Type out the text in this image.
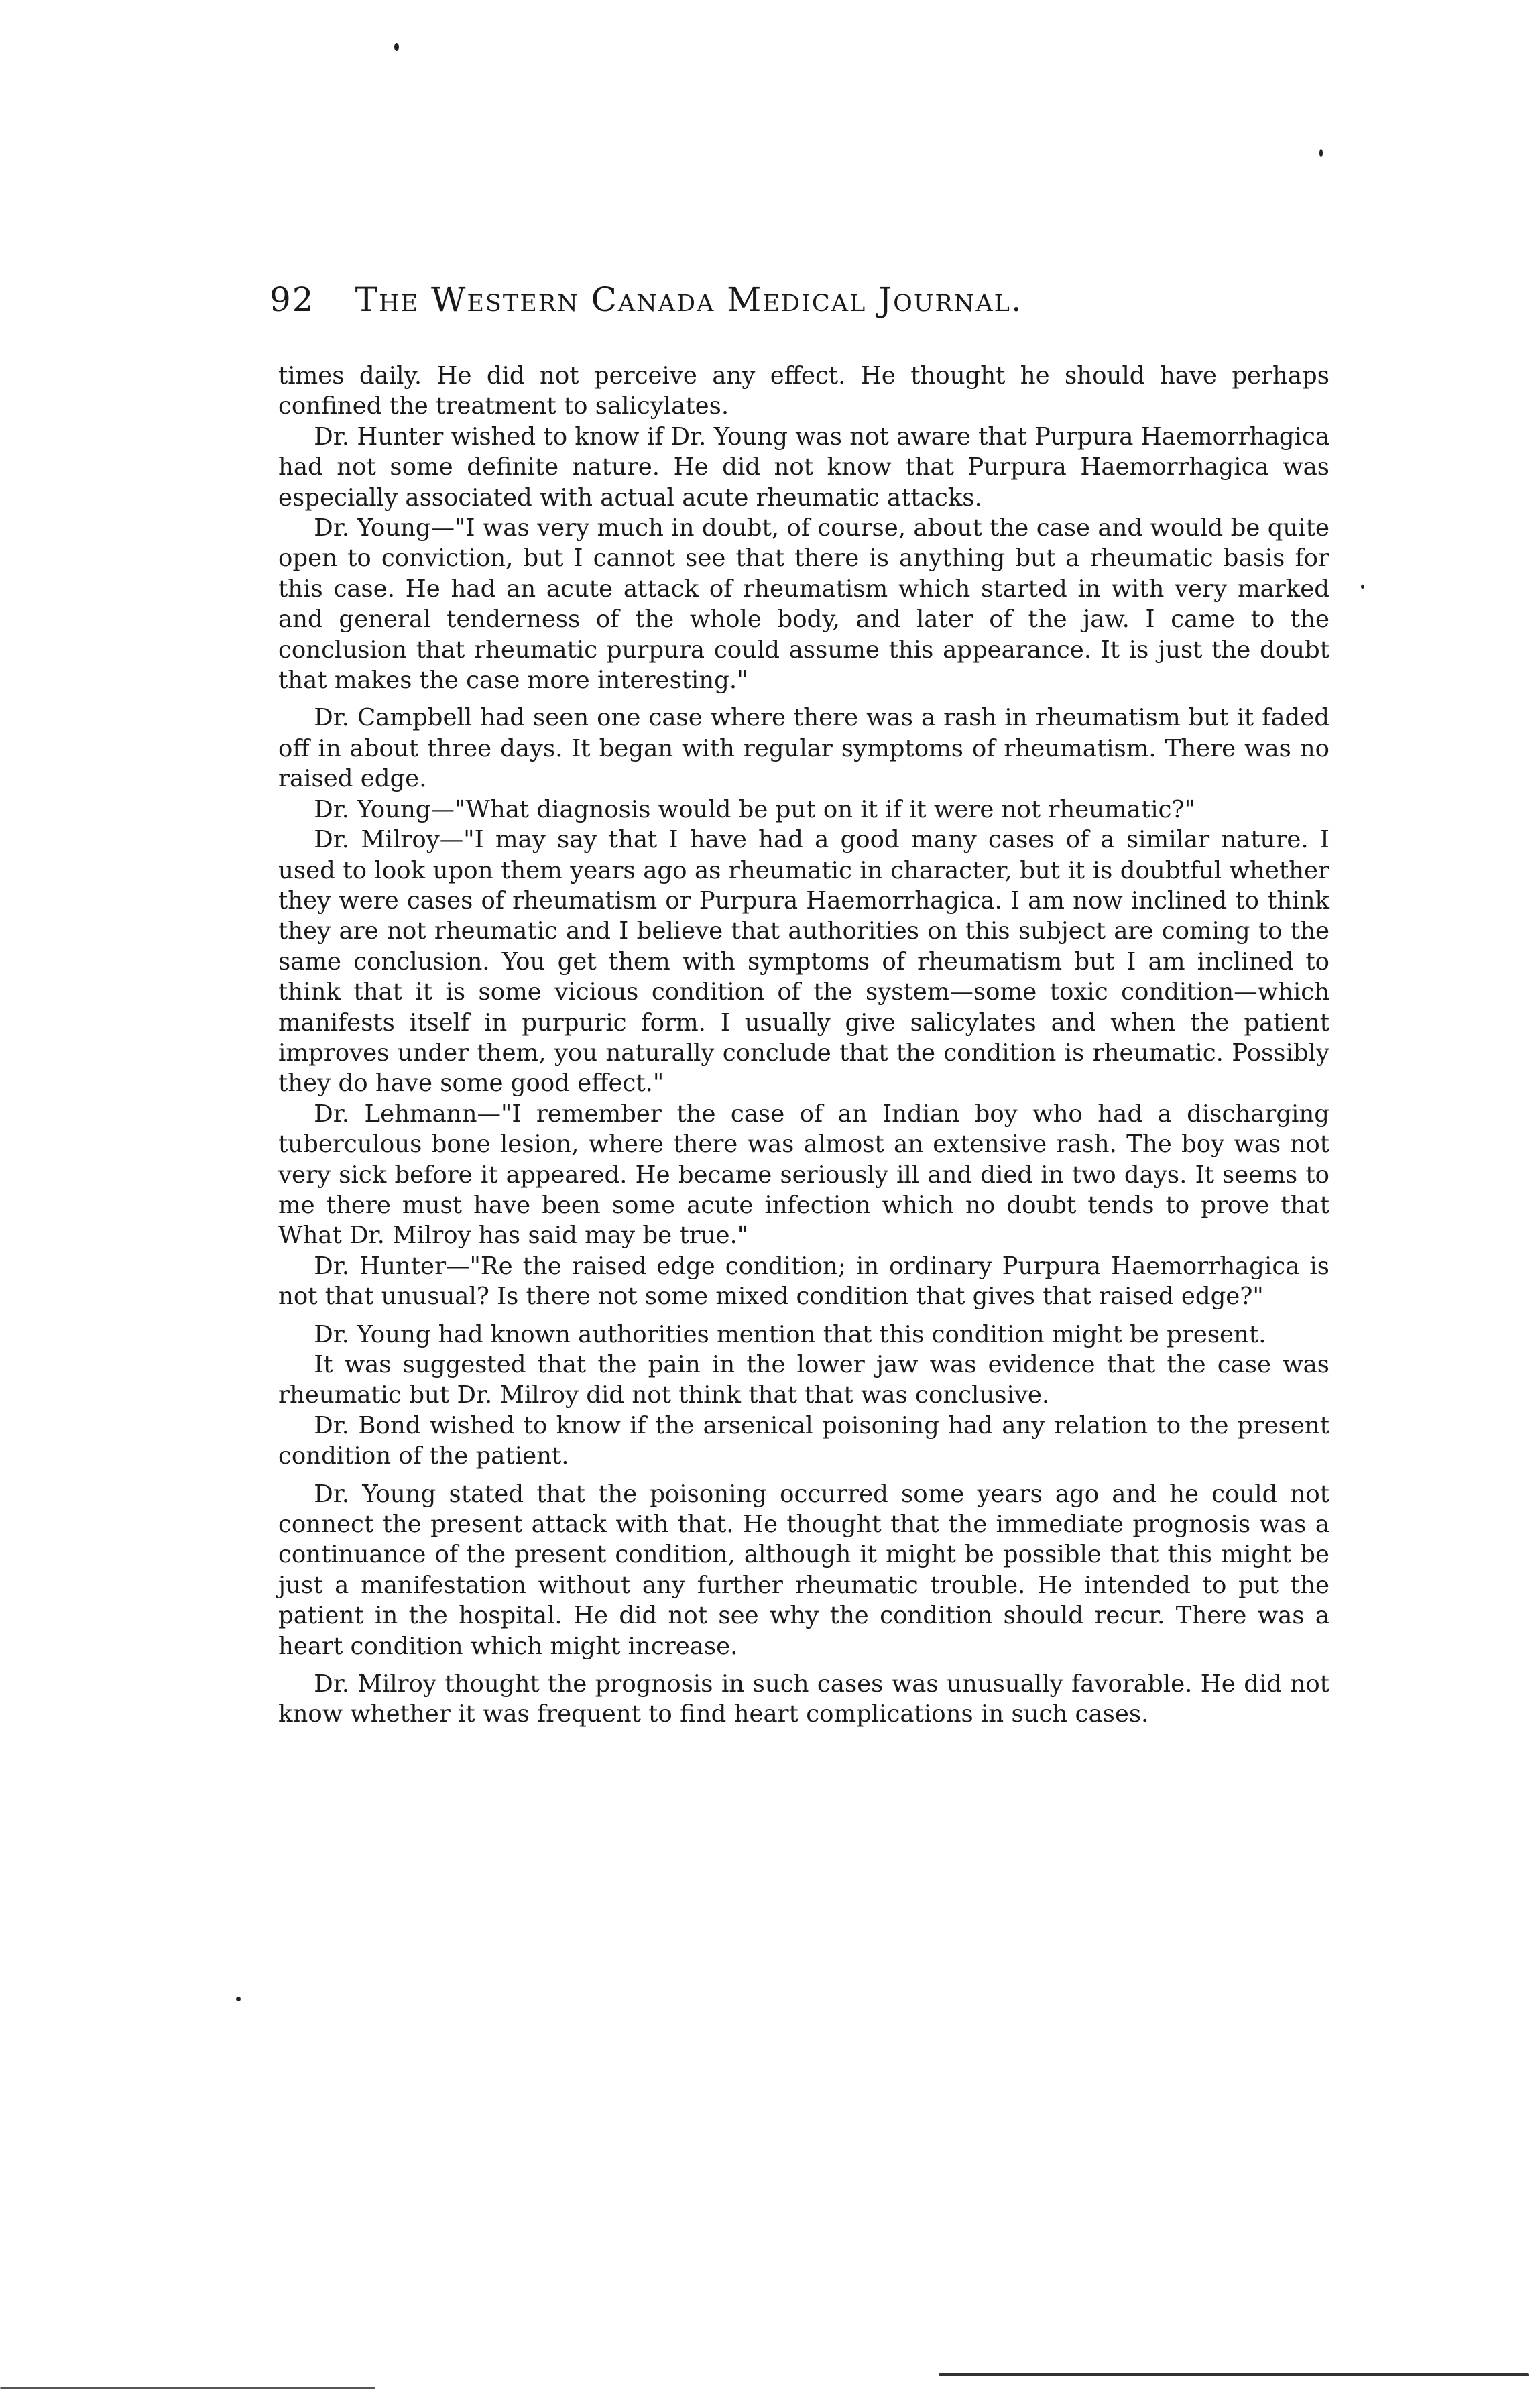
92 The Western Canada Medical Journal.

times daily. He did not perceive any effect. He thought he should have perhaps confined the treatment to salicylates.

Dr. Hunter wished to know if Dr. Young was not aware that Purpura Haemorrhagica had not some definite nature. He did not know that Purpura Haemorrhagica was especially associated with actual acute rheumatic attacks.

Dr. Young—"I was very much in doubt, of course, about the case and would be quite open to conviction, but I cannot see that there is anything but a rheumatic basis for this case. He had an acute attack of rheumatism which started in with very marked and general tenderness of the whole body, and later of the jaw. I came to the conclusion that rheumatic purpura could assume this appearance. It is just the doubt that makes the case more interesting."

Dr. Campbell had seen one case where there was a rash in rheumatism but it faded off in about three days. It began with regular symptoms of rheumatism. There was no raised edge.

Dr. Young—"What diagnosis would be put on it if it were not rheumatic?"

Dr. Milroy—"I may say that I have had a good many cases of a similar nature. I used to look upon them years ago as rheumatic in character, but it is doubtful whether they were cases of rheumatism or Purpura Haemorrhagica. I am now inclined to think they are not rheumatic and I believe that authorities on this subject are coming to the same conclusion. You get them with symptoms of rheumatism but I am inclined to think that it is some vicious condition of the system—some toxic condition—which manifests itself in purpuric form. I usually give salicylates and when the patient improves under them, you naturally conclude that the condition is rheumatic. Possibly they do have some good effect."

Dr. Lehmann—"I remember the case of an Indian boy who had a discharging tuberculous bone lesion, where there was almost an extensive rash. The boy was not very sick before it appeared. He became seriously ill and died in two days. It seems to me there must have been some acute infection which no doubt tends to prove that What Dr. Milroy has said may be true."

Dr. Hunter—"Re the raised edge condition; in ordinary Purpura Haemorrhagica is not that unusual? Is there not some mixed condition that gives that raised edge?"

Dr. Young had known authorities mention that this condition might be present.

It was suggested that the pain in the lower jaw was evidence that the case was rheumatic but Dr. Milroy did not think that that was conclusive.

Dr. Bond wished to know if the arsenical poisoning had any relation to the present condition of the patient.

Dr. Young stated that the poisoning occurred some years ago and he could not connect the present attack with that. He thought that the immediate prognosis was a continuance of the present condition, although it might be possible that this might be just a manifestation without any further rheumatic trouble. He intended to put the patient in the hospital. He did not see why the condition should recur. There was a heart condition which might increase.

Dr. Milroy thought the prognosis in such cases was unusually favorable. He did not know whether it was frequent to find heart complications in such cases.
